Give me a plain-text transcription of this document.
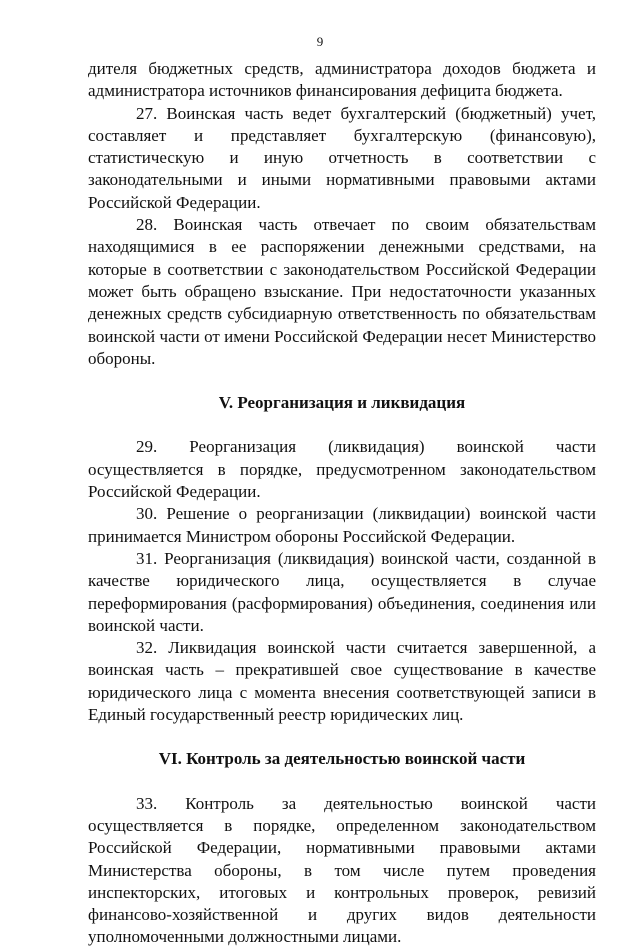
9

дителя бюджетных средств, администратора доходов бюджета и администратора источников финансирования дефицита бюджета.

27. Воинская часть ведет бухгалтерский (бюджетный) учет, составляет и представляет бухгалтерскую (финансовую), статистическую и иную отчетность в соответствии с законодательными и иными нормативными правовыми актами Российской Федерации.

28. Воинская часть отвечает по своим обязательствам находящимися в ее распоряжении денежными средствами, на которые в соответствии с законодательством Российской Федерации может быть обращено взыскание. При недостаточности указанных денежных средств субсидиарную ответственность по обязательствам воинской части от имени Российской Федерации несет Министерство обороны.

V. Реорганизация и ликвидация

29. Реорганизация (ликвидация) воинской части осуществляется в порядке, предусмотренном законодательством Российской Федерации.

30. Решение о реорганизации (ликвидации) воинской части принимается Министром обороны Российской Федерации.

31. Реорганизация (ликвидация) воинской части, созданной в качестве юридического лица, осуществляется в случае переформирования (расформирования) объединения, соединения или воинской части.

32. Ликвидация воинской части считается завершенной, а воинская часть – прекратившей свое существование в качестве юридического лица с момента внесения соответствующей записи в Единый государственный реестр юридических лиц.

VI. Контроль за деятельностью воинской части

33. Контроль за деятельностью воинской части осуществляется в порядке, определенном законодательством Российской Федерации, нормативными правовыми актами Министерства обороны, в том числе путем проведения инспекторских, итоговых и контрольных проверок, ревизий финансово-хозяйственной и других видов деятельности уполномоченными должностными лицами.
